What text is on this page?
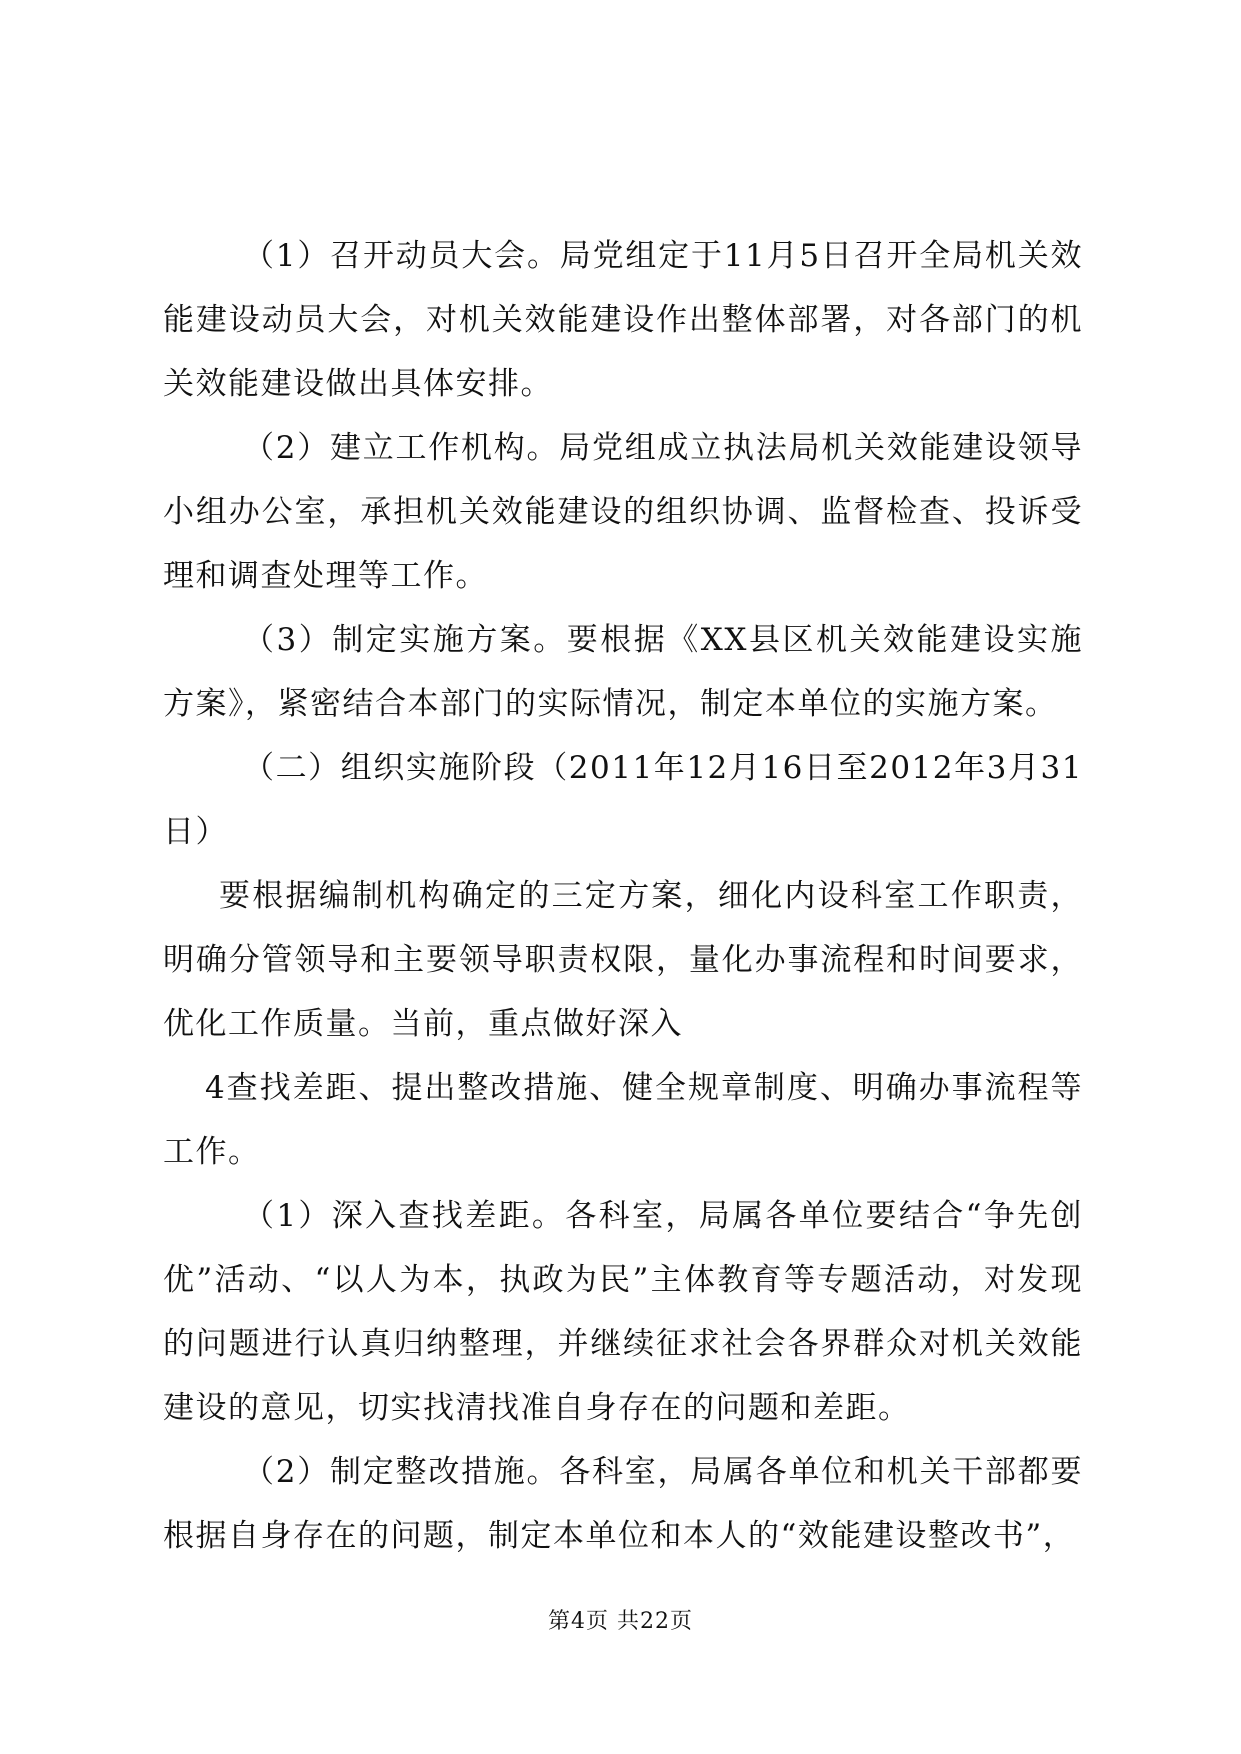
（1）召开动员大会。局党组定于11月5日召开全局机关效能建设动员大会，对机关效能建设作出整体部署，对各部门的机关效能建设做出具体安排。

（2）建立工作机构。局党组成立执法局机关效能建设领导小组办公室，承担机关效能建设的组织协调、监督检查、投诉受理和调查处理等工作。

（3）制定实施方案。要根据《XX县区机关效能建设实施方案》，紧密结合本部门的实际情况，制定本单位的实施方案。

（二）组织实施阶段（2011年12月16日至2012年3月31日）

要根据编制机构确定的三定方案，细化内设科室工作职责，明确分管领导和主要领导职责权限，量化办事流程和时间要求，优化工作质量。当前，重点做好深入

4查找差距、提出整改措施、健全规章制度、明确办事流程等工作。

（1）深入查找差距。各科室，局属各单位要结合“争先创优”活动、“以人为本，执政为民”主体教育等专题活动，对发现的问题进行认真归纳整理，并继续征求社会各界群众对机关效能建设的意见，切实找清找准自身存在的问题和差距。

（2）制定整改措施。各科室，局属各单位和机关干部都要根据自身存在的问题，制定本单位和本人的“效能建设整改书”，

第4页 共22页
